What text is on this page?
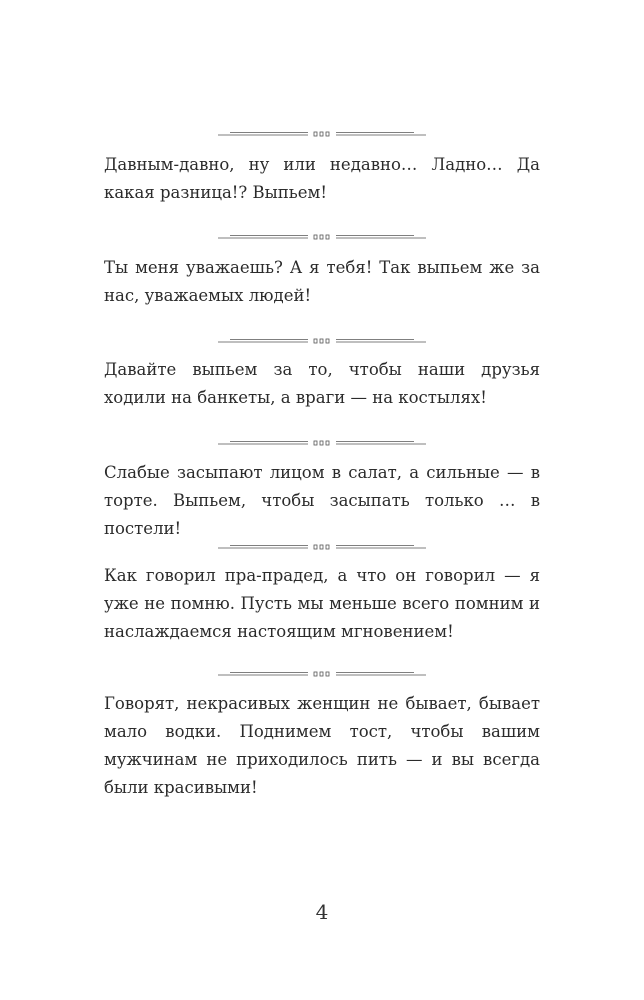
Давным-давно, ну или недавно… Ладно… Да какая разница!? Выпьем!

Ты меня уважаешь? А я тебя! Так выпьем же за нас, уважаемых людей!

Давайте выпьем за то, чтобы наши друзья ходили на банкеты, а враги — на костылях!

Слабые засыпают лицом в салат, а сильные — в торте. Выпьем, чтобы засыпать только … в постели!

Как говорил пра-прадед, а что он говорил — я уже не помню. Пусть мы меньше всего помним и наслаждаемся настоящим мгновением!

Говорят, некрасивых женщин не бывает, бывает мало водки. Поднимем тост, чтобы вашим мужчинам не приходилось пить — и вы всегда были красивыми!

4
